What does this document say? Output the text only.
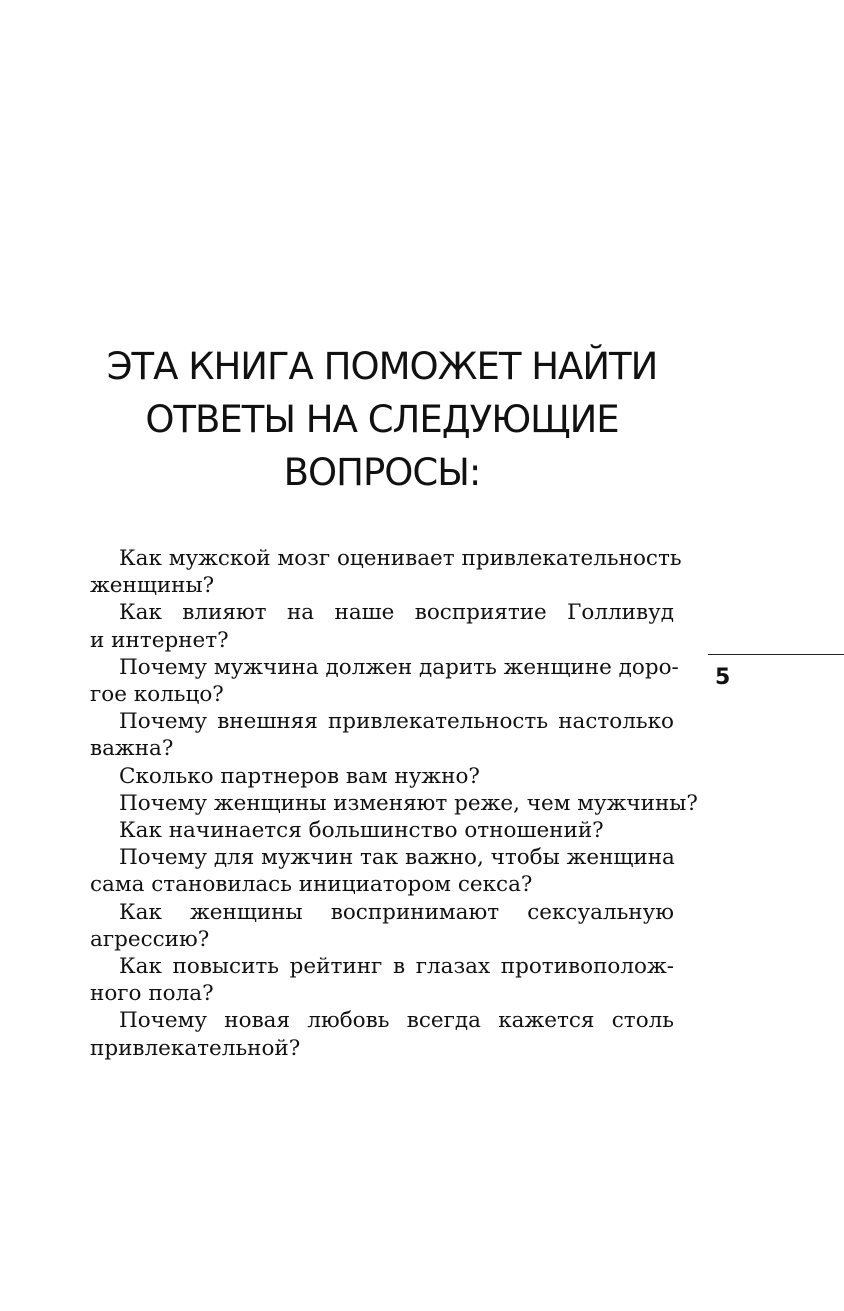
ЭТА КНИГА ПОМОЖЕТ НАЙТИ
ОТВЕТЫ НА СЛЕДУЮЩИЕ
ВОПРОСЫ:

Как мужской мозг оценивает привлекательность
женщины?

Как влияют на наше восприятие Голливуд
и интернет?

Почему мужчина должен дарить женщине доро-
гое кольцо?

Почему внешняя привлекательность настолько
важна?

Сколько партнеров вам нужно?

Почему женщины изменяют реже, чем мужчины?

Как начинается большинство отношений?

Почему для мужчин так важно, чтобы женщина
сама становилась инициатором секса?

Как женщины воспринимают сексуальную
агрессию?

Как повысить рейтинг в глазах противополож-
ного пола?

Почему новая любовь всегда кажется столь
привлекательной?

5
